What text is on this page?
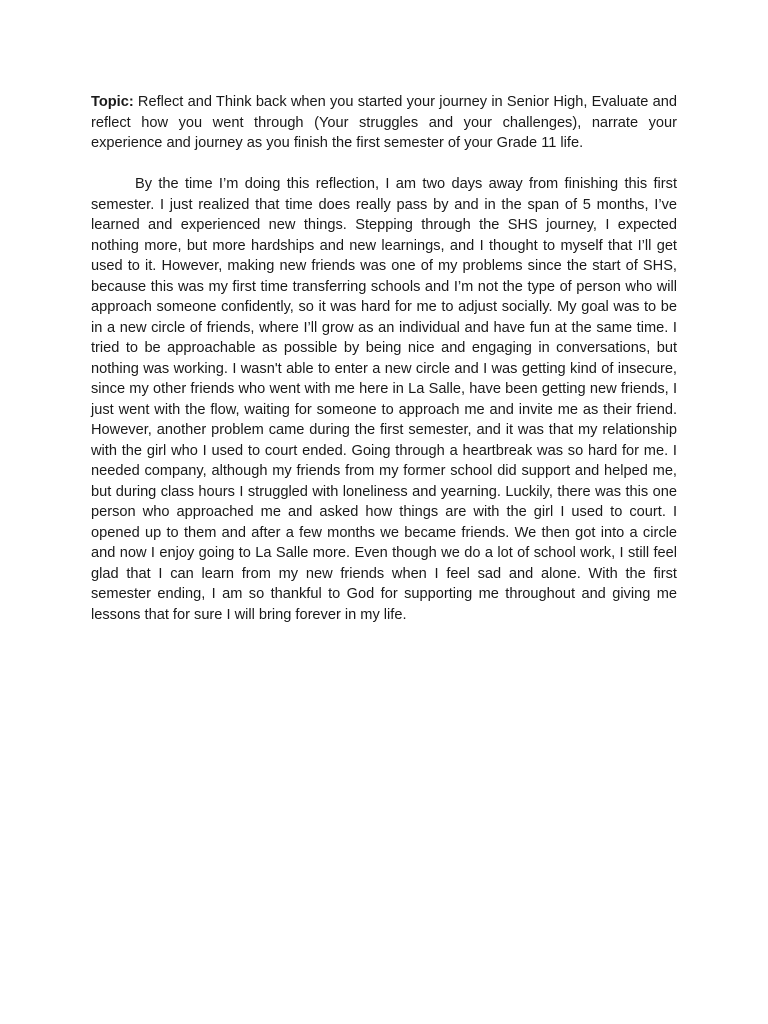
Topic: Reflect and Think back when you started your journey in Senior High, Evaluate and reflect how you went through (Your struggles and your challenges), narrate your experience and journey as you finish the first semester of your Grade 11 life.

By the time I’m doing this reflection, I am two days away from finishing this first semester. I just realized that time does really pass by and in the span of 5 months, I’ve learned and experienced new things. Stepping through the SHS journey, I expected nothing more, but more hardships and new learnings, and I thought to myself that I’ll get used to it. However, making new friends was one of my problems since the start of SHS, because this was my first time transferring schools and I’m not the type of person who will approach someone confidently, so it was hard for me to adjust socially. My goal was to be in a new circle of friends, where I’ll grow as an individual and have fun at the same time. I tried to be approachable as possible by being nice and engaging in conversations, but nothing was working. I wasn't able to enter a new circle and I was getting kind of insecure, since my other friends who went with me here in La Salle, have been getting new friends, I just went with the flow, waiting for someone to approach me and invite me as their friend. However, another problem came during the first semester, and it was that my relationship with the girl who I used to court ended. Going through a heartbreak was so hard for me. I needed company, although my friends from my former school did support and helped me, but during class hours I struggled with loneliness and yearning. Luckily, there was this one person who approached me and asked how things are with the girl I used to court. I opened up to them and after a few months we became friends. We then got into a circle and now I enjoy going to La Salle more. Even though we do a lot of school work, I still feel glad that I can learn from my new friends when I feel sad and alone. With the first semester ending, I am so thankful to God for supporting me throughout and giving me lessons that for sure I will bring forever in my life.
